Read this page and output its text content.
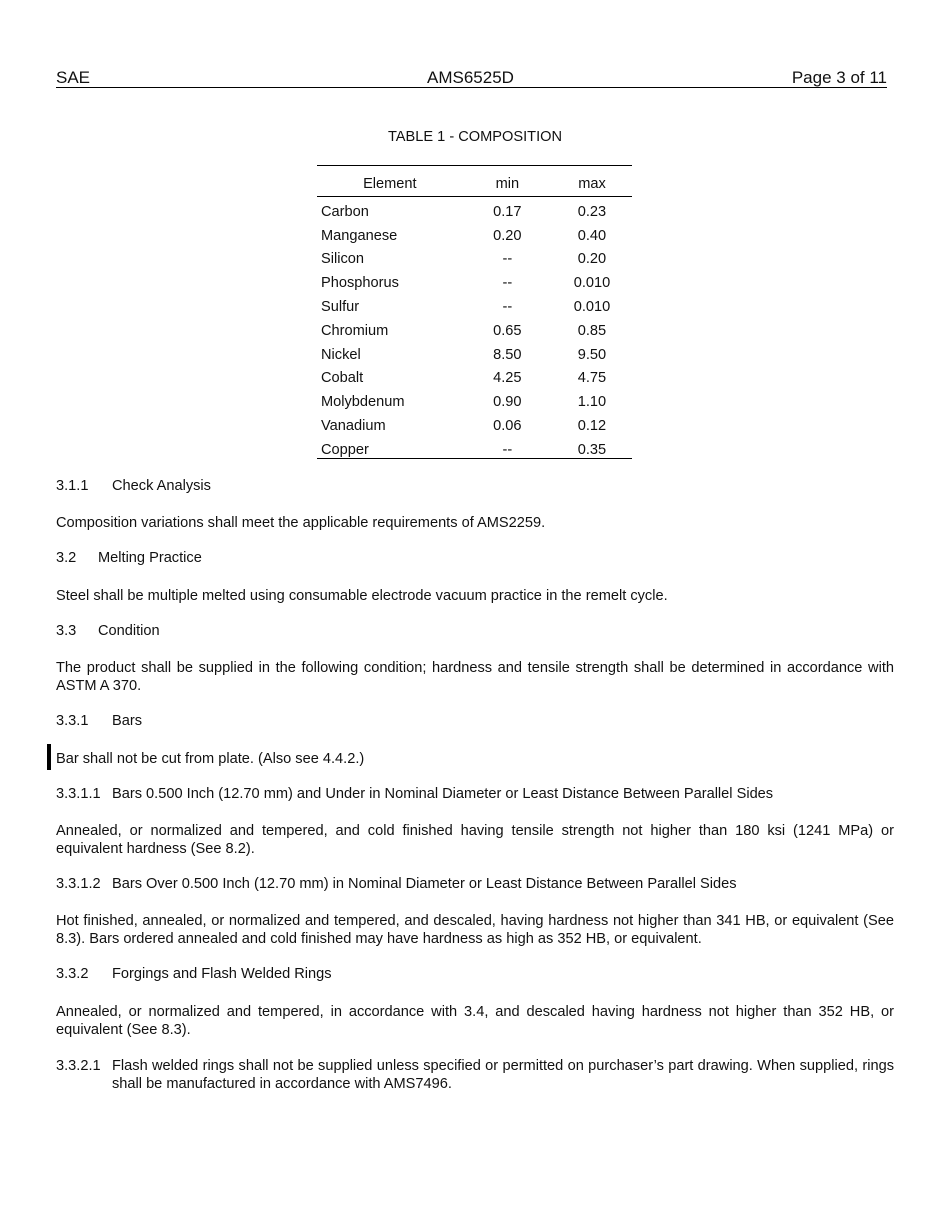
SAE	AMS6525D	Page 3 of 11
TABLE 1 - COMPOSITION
Element	min	max

Carbon	0.17	0.23
Manganese	0.20	0.40
Silicon	--	0.20
Phosphorus	--	0.010
Sulfur	--	0.010
Chromium	0.65	0.85
Nickel	8.50	9.50
Cobalt	4.25	4.75
Molybdenum	0.90	1.10
Vanadium	0.06	0.12
Copper	--	0.35
3.1.1 Check Analysis

Composition variations shall meet the applicable requirements of AMS2259.

3.2 Melting Practice

Steel shall be multiple melted using consumable electrode vacuum practice in the remelt cycle.

3.3 Condition

The product shall be supplied in the following condition; hardness and tensile strength shall be determined in accordance with ASTM A 370.

3.3.1 Bars

Bar shall not be cut from plate. (Also see 4.4.2.)

3.3.1.1 Bars 0.500 Inch (12.70 mm) and Under in Nominal Diameter or Least Distance Between Parallel Sides

Annealed, or normalized and tempered, and cold finished having tensile strength not higher than 180 ksi (1241 MPa) or equivalent hardness (See 8.2).

3.3.1.2 Bars Over 0.500 Inch (12.70 mm) in Nominal Diameter or Least Distance Between Parallel Sides

Hot finished, annealed, or normalized and tempered, and descaled, having hardness not higher than 341 HB, or equivalent (See 8.3). Bars ordered annealed and cold finished may have hardness as high as 352 HB, or equivalent.

3.3.2 Forgings and Flash Welded Rings

Annealed, or normalized and tempered, in accordance with 3.4, and descaled having hardness not higher than 352 HB, or equivalent (See 8.3).

3.3.2.1 Flash welded rings shall not be supplied unless specified or permitted on purchaser’s part drawing. When supplied, rings shall be manufactured in accordance with AMS7496.
